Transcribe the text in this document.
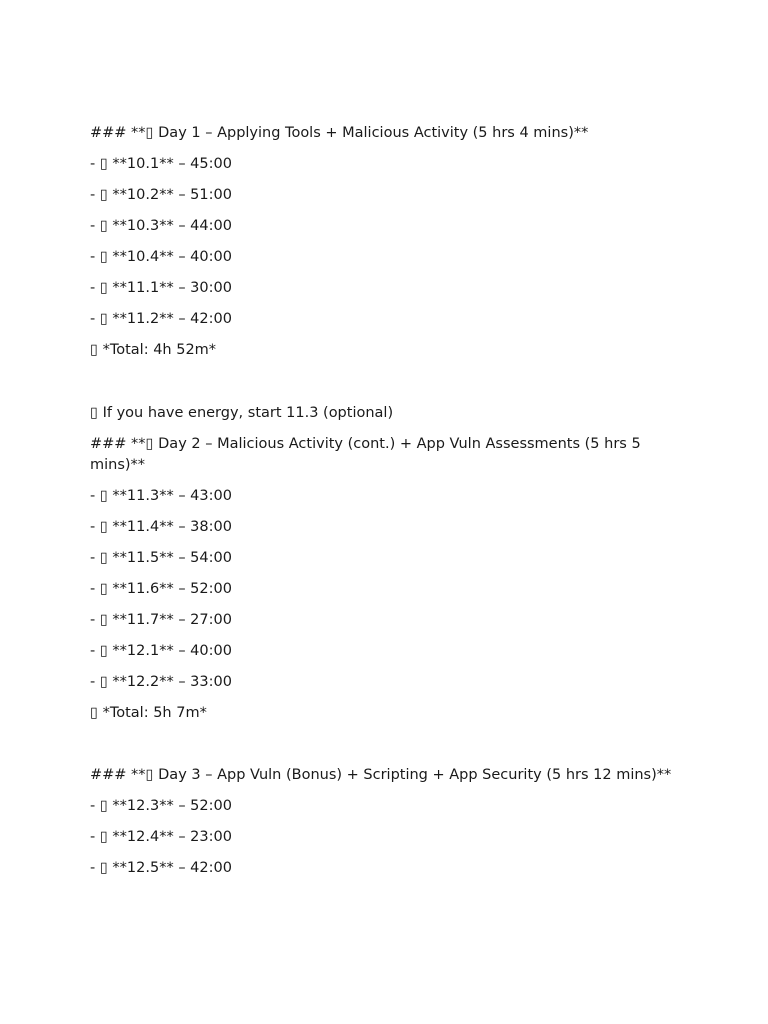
### **▯ Day 1 – Applying Tools + Malicious Activity (5 hrs 4 mins)**
- ▯ **10.1** – 45:00
- ▯ **10.2** – 51:00
- ▯ **10.3** – 44:00
- ▯ **10.4** – 40:00
- ▯ **11.1** – 30:00
- ▯ **11.2** – 42:00
▯ *Total: 4h 52m*
▯ If you have energy, start 11.3 (optional)
### **▯ Day 2 – Malicious Activity (cont.) + App Vuln Assessments (5 hrs 5 mins)**
- ▯ **11.3** – 43:00
- ▯ **11.4** – 38:00
- ▯ **11.5** – 54:00
- ▯ **11.6** – 52:00
- ▯ **11.7** – 27:00
- ▯ **12.1** – 40:00
- ▯ **12.2** – 33:00
▯ *Total: 5h 7m*
### **▯ Day 3 – App Vuln (Bonus) + Scripting + App Security (5 hrs 12 mins)**
- ▯ **12.3** – 52:00
- ▯ **12.4** – 23:00
- ▯ **12.5** – 42:00
